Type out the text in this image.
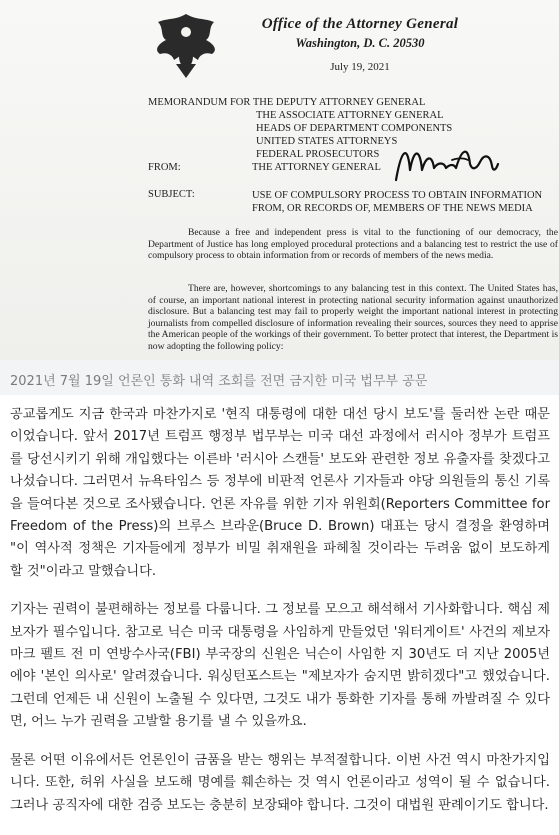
Office of the Attorney General
Washington, D. C. 20530
July 19, 2021
MEMORANDUM FOR THE DEPUTY ATTORNEY GENERAL
THE ASSOCIATE ATTORNEY GENERAL
HEADS OF DEPARTMENT COMPONENTS
UNITED STATES ATTORNEYS
FEDERAL PROSECUTORS
FROM:	THE ATTORNEY GENERAL
SUBJECT:	USE OF COMPULSORY PROCESS TO OBTAIN INFORMATION FROM, OR RECORDS OF, MEMBERS OF THE NEWS MEDIA
Because a free and independent press is vital to the functioning of our democracy, the Department of Justice has long employed procedural protections and a balancing test to restrict the use of compulsory process to obtain information from or records of members of the news media.
There are, however, shortcomings to any balancing test in this context. The United States has, of course, an important national interest in protecting national security information against unauthorized disclosure. But a balancing test may fail to properly weight the important national interest in protecting journalists from compelled disclosure of information revealing their sources, sources they need to apprise the American people of the workings of their government. To better protect that interest, the Department is now adopting the following policy:
2021년 7월 19일 언론인 통화 내역 조회를 전면 금지한 미국 법무부 공문

공교롭게도 지금 한국과 마찬가지로 '현직 대통령에 대한 대선 당시 보도'를 둘러싼 논란 때문이었습니다. 앞서 2017년 트럼프 행정부 법무부는 미국 대선 과정에서 러시아 정부가 트럼프를 당선시키기 위해 개입했다는 이른바 '러시아 스캔들' 보도와 관련한 정보 유출자를 찾겠다고 나섰습니다. 그러면서 뉴욕타임스 등 정부에 비판적 언론사 기자들과 야당 의원들의 통신 기록을 들여다본 것으로 조사됐습니다. 언론 자유를 위한 기자 위원회(Reporters Committee for Freedom of the Press)의 브루스 브라운(Bruce D. Brown) 대표는 당시 결정을 환영하며 "이 역사적 정책은 기자들에게 정부가 비밀 취재원을 파헤칠 것이라는 두려움 없이 보도하게 할 것"이라고 말했습니다.

기자는 권력이 불편해하는 정보를 다룹니다. 그 정보를 모으고 해석해서 기사화합니다. 핵심 제보자가 필수입니다. 참고로 닉슨 미국 대통령을 사임하게 만들었던 '워터게이트' 사건의 제보자 마크 펠트 전 미 연방수사국(FBI) 부국장의 신원은 닉슨이 사임한 지 30년도 더 지난 2005년에야 '본인 의사로' 알려졌습니다. 워싱턴포스트는 "제보자가 숨지면 밝히겠다"고 했었습니다. 그런데 언제든 내 신원이 노출될 수 있다면, 그것도 내가 통화한 기자를 통해 까발려질 수 있다면, 어느 누가 권력을 고발할 용기를 낼 수 있을까요.

물론 어떤 이유에서든 언론인이 금품을 받는 행위는 부적절합니다. 이번 사건 역시 마찬가지입니다. 또한, 허위 사실을 보도해 명예를 훼손하는 것 역시 언론이라고 성역이 될 수 없습니다. 그러나 공직자에 대한 검증 보도는 충분히 보장돼야 합니다. 그것이 대법원 판례이기도 합니다.
